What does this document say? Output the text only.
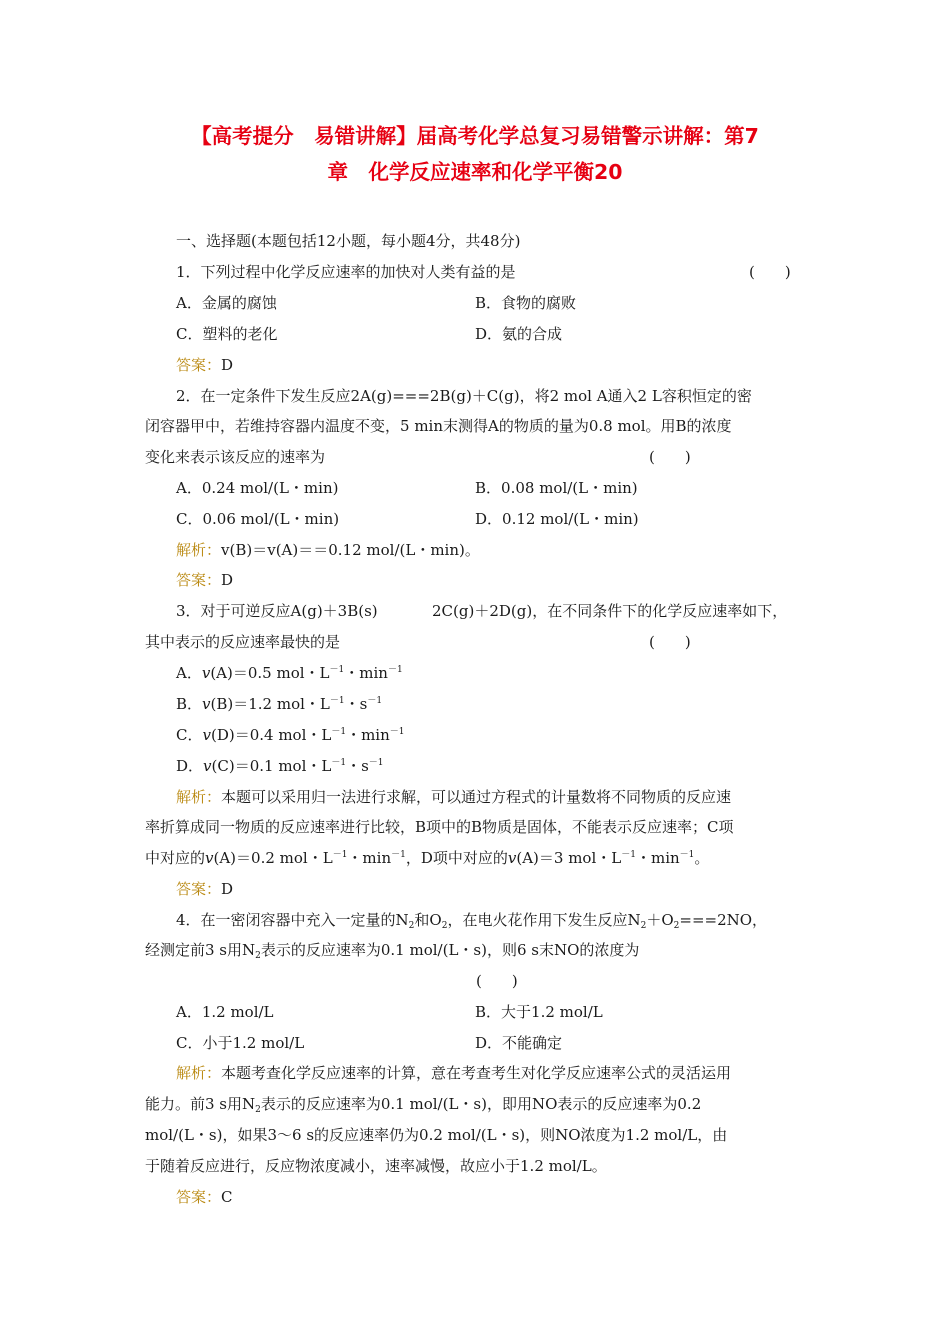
【高考提分　易错讲解】届高考化学总复习易错警示讲解：第7
章　化学反应速率和化学平衡20
一、选择题(本题包括12小题，每小题4分，共48分)
1．下列过程中化学反应速率的加快对人类有益的是	(　　)
A．金属的腐蚀	B．食物的腐败
C．塑料的老化	D．氨的合成
答案：D
2．在一定条件下发生反应2A(g)===2B(g)＋C(g)，将2 mol A通入2 L容积恒定的密
闭容器甲中，若维持容器内温度不变，5 min末测得A的物质的量为0.8 mol。用B的浓度
变化来表示该反应的速率为	(　　)
A．0.24 mol/(L・min)	B．0.08 mol/(L・min)
C．0.06 mol/(L・min)	D．0.12 mol/(L・min)
解析：v(B)＝v(A)＝＝0.12 mol/(L・min)。
答案：D
3．对于可逆反应A(g)＋3B(s)	2C(g)＋2D(g)，在不同条件下的化学反应速率如下，
其中表示的反应速率最快的是	(　　)
A．v(A)＝0.5 mol・$L^{-1}$・$\min^{-1}$
B．v(B)＝1.2 mol・$L^{-1}$・$s^{-1}$
C．v(D)＝0.4 mol・$L^{-1}$・$\min^{-1}$
D．v(C)＝0.1 mol・$L^{-1}$・$s^{-1}$
解析：本题可以采用归一法进行求解，可以通过方程式的计量数将不同物质的反应速
率折算成同一物质的反应速率进行比较，B项中的B物质是固体，不能表示反应速率；C项
中对应的v(A)＝0.2 mol・$L^{-1}$・$\min^{-1}$，D项中对应的v(A)＝3 mol・$L^{-1}$・$\min^{-1}$。
答案：D
4．在一密闭容器中充入一定量的$N_2$和$O_2$，在电火花作用下发生反应$N_2+O_2===2NO$，
经测定前3 s用$N_2$表示的反应速率为0.1 mol/(L・s)，则6 s末NO的浓度为
(　　)
A．1.2 mol/L	B．大于1.2 mol/L
C．小于1.2 mol/L	D．不能确定
解析：本题考查化学反应速率的计算，意在考查考生对化学反应速率公式的灵活运用
能力。前3 s用$N_2$表示的反应速率为0.1 mol/(L・s)，即用NO表示的反应速率为0.2
mol/(L・s)，如果3～6 s的反应速率仍为0.2 mol/(L・s)，则NO浓度为1.2 mol/L，由
于随着反应进行，反应物浓度减小，速率减慢，故应小于1.2 mol/L。
答案：C
